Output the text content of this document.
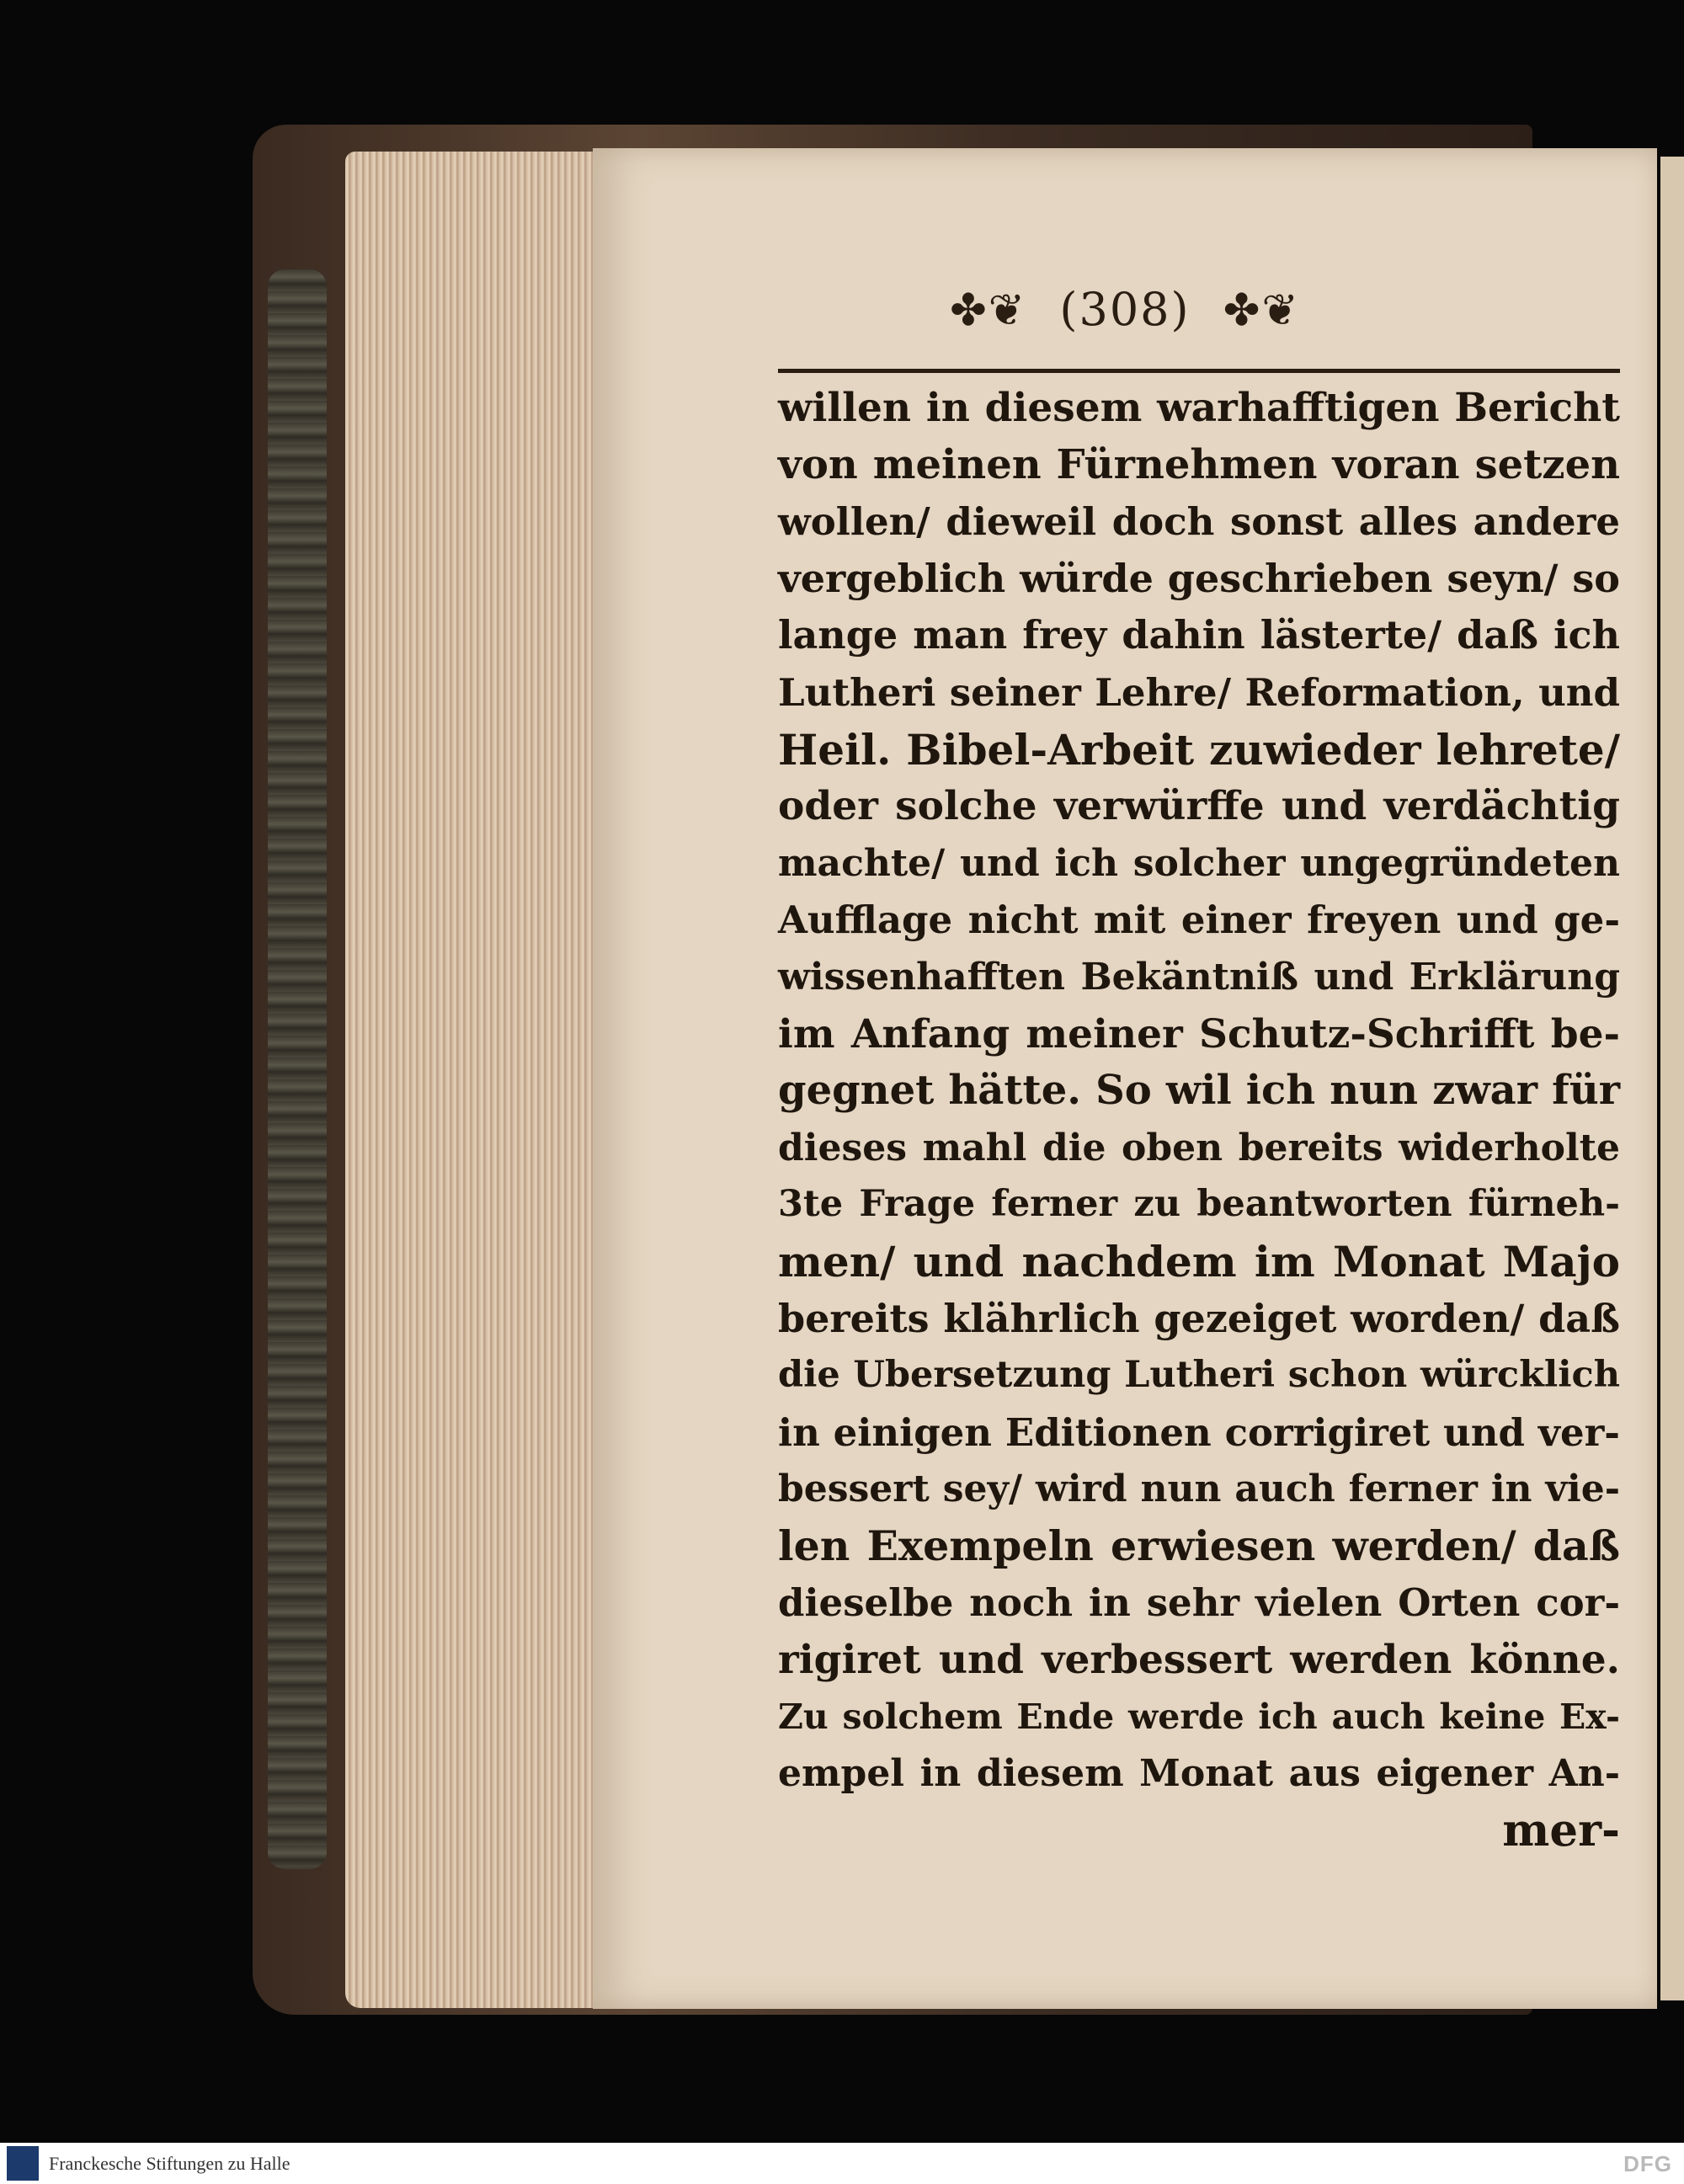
✤❦ (308) ✤❦
willen in diesem warhafftigen Bericht
von meinen Fürnehmen voran setzen
wollen/ dieweil doch sonst alles andere
vergeblich würde geschrieben seyn/ so
lange man frey dahin lästerte/ daß ich
Lutheri seiner Lehre/ Reformation, und
Heil. Bibel-Arbeit zuwieder lehrete/
oder solche verwürffe und verdächtig
machte/ und ich solcher ungegründeten
Aufflage nicht mit einer freyen und ge-
wissenhafften Bekäntniß und Erklärung
im Anfang meiner Schutz-Schrifft be-
gegnet hätte. So wil ich nun zwar für
dieses mahl die oben bereits widerholte
3te Frage ferner zu beantworten fürneh-
men/ und nachdem im Monat Majo
bereits klährlich gezeiget worden/ daß
die Ubersetzung Lutheri schon würcklich
in einigen Editionen corrigiret und ver-
bessert sey/ wird nun auch ferner in vie-
len Exempeln erwiesen werden/ daß
dieselbe noch in sehr vielen Orten cor-
rigiret und verbessert werden könne.
Zu solchem Ende werde ich auch keine Ex-
empel in diesem Monat aus eigener An-
mer-
Franckesche Stiftungen zu Halle	DFG
